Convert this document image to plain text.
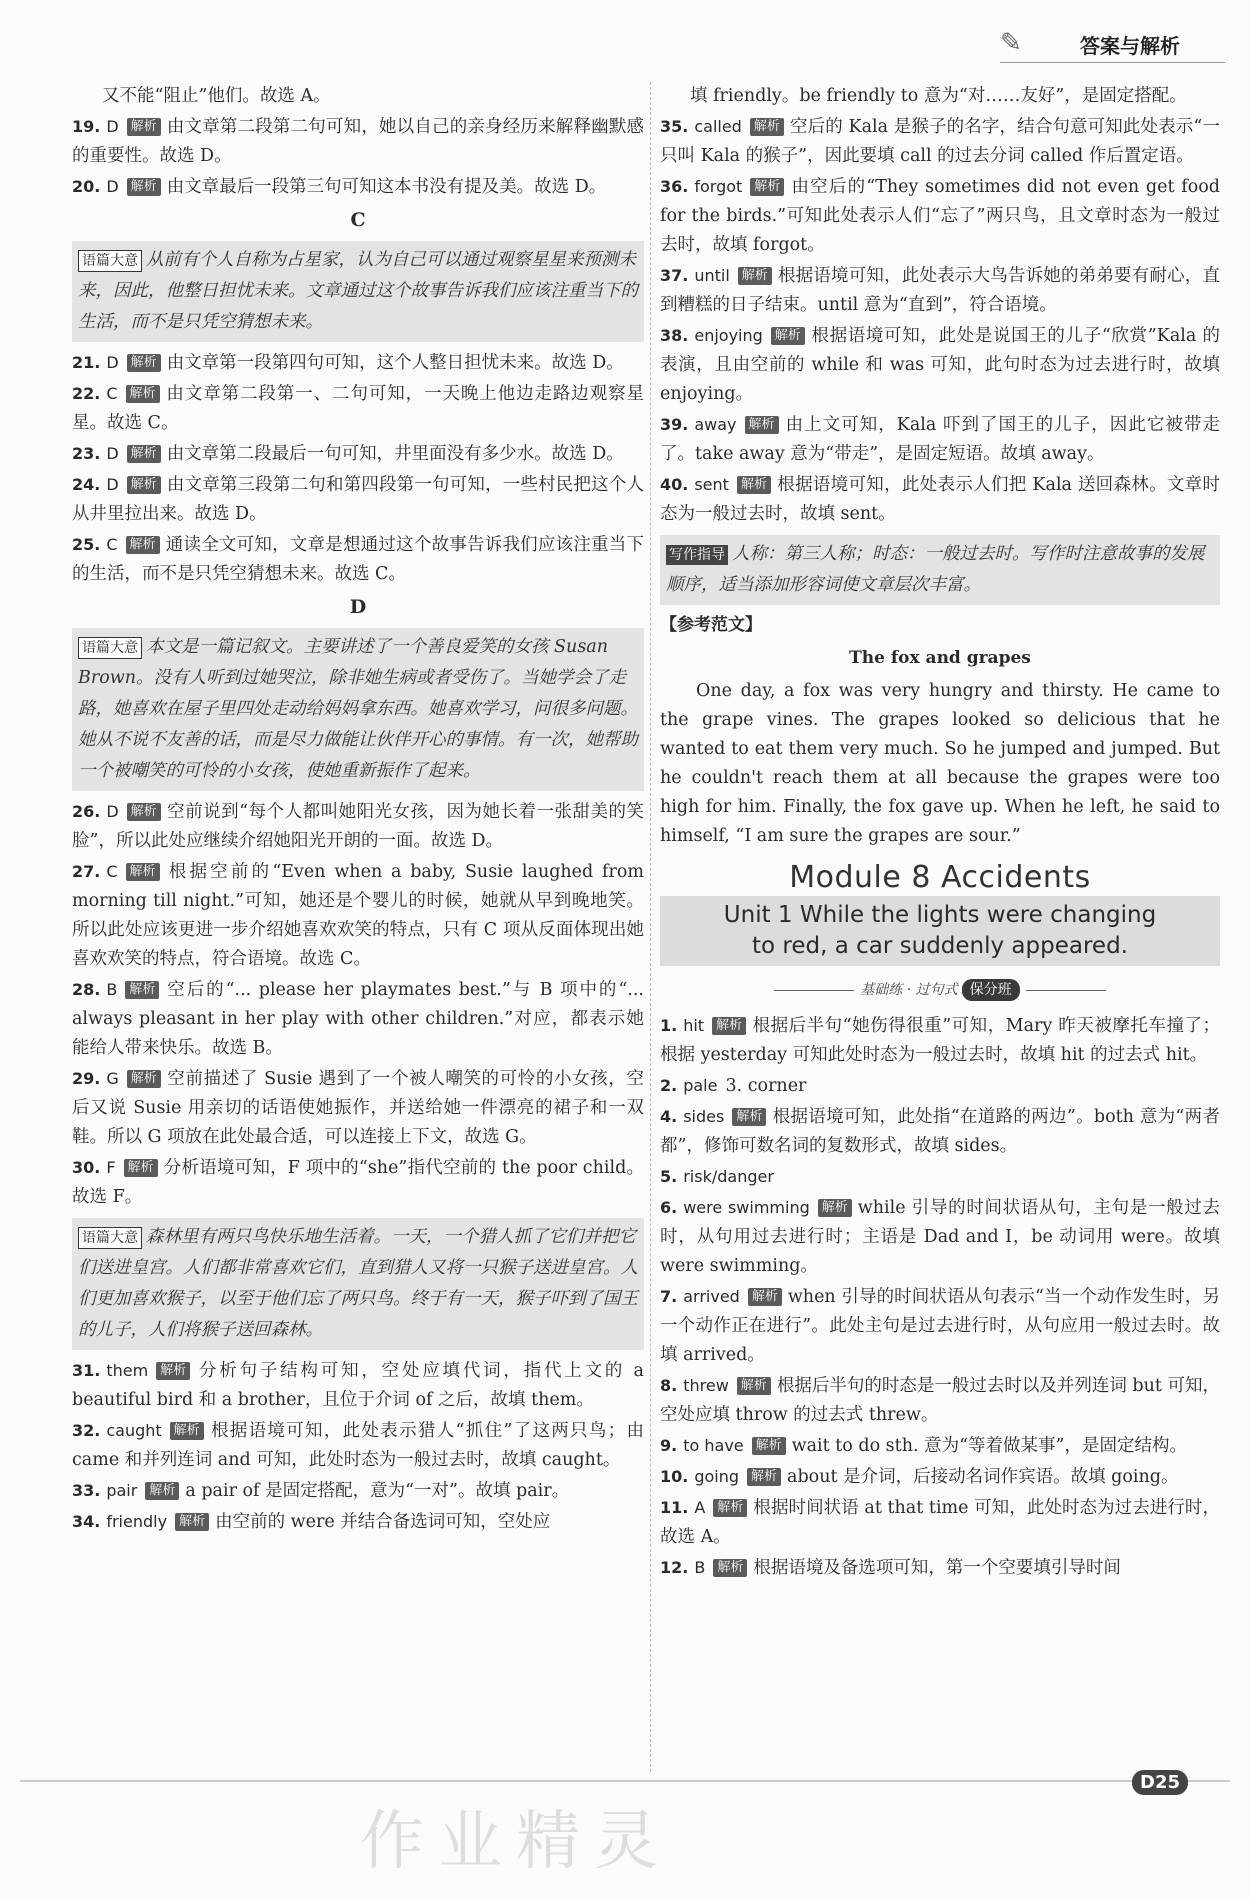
✎	答案与解析
又不能“阻止”他们。故选 A。
19. D 解析 由文章第二段第二句可知，她以自己的亲身经历来解释幽默感的重要性。故选 D。
20. D 解析 由文章最后一段第三句可知这本书没有提及美。故选 D。
C
语篇大意 从前有个人自称为占星家，认为自己可以通过观察星星来预测未来，因此，他整日担忧未来。文章通过这个故事告诉我们应该注重当下的生活，而不是只凭空猜想未来。
21. D 解析 由文章第一段第四句可知，这个人整日担忧未来。故选 D。
22. C 解析 由文章第二段第一、二句可知，一天晚上他边走路边观察星星。故选 C。
23. D 解析 由文章第二段最后一句可知，井里面没有多少水。故选 D。
24. D 解析 由文章第三段第二句和第四段第一句可知，一些村民把这个人从井里拉出来。故选 D。
25. C 解析 通读全文可知，文章是想通过这个故事告诉我们应该注重当下的生活，而不是只凭空猜想未来。故选 C。
D
语篇大意 本文是一篇记叙文。主要讲述了一个善良爱笑的女孩 Susan Brown。没有人听到过她哭泣，除非她生病或者受伤了。当她学会了走路，她喜欢在屋子里四处走动给妈妈拿东西。她喜欢学习，问很多问题。她从不说不友善的话，而是尽力做能让伙伴开心的事情。有一次，她帮助一个被嘲笑的可怜的小女孩，使她重新振作了起来。
26. D 解析 空前说到“每个人都叫她阳光女孩，因为她长着一张甜美的笑脸”，所以此处应继续介绍她阳光开朗的一面。故选 D。
27. C 解析 根据空前的“Even when a baby, Susie laughed from morning till night.”可知，她还是个婴儿的时候，她就从早到晚地笑。所以此处应该更进一步介绍她喜欢欢笑的特点，只有 C 项从反面体现出她喜欢欢笑的特点，符合语境。故选 C。
28. B 解析 空后的“... please her playmates best.”与 B 项中的“... always pleasant in her play with other children.”对应，都表示她能给人带来快乐。故选 B。
29. G 解析 空前描述了 Susie 遇到了一个被人嘲笑的可怜的小女孩，空后又说 Susie 用亲切的话语使她振作，并送给她一件漂亮的裙子和一双鞋。所以 G 项放在此处最合适，可以连接上下文，故选 G。
30. F 解析 分析语境可知，F 项中的“she”指代空前的 the poor child。故选 F。
语篇大意 森林里有两只鸟快乐地生活着。一天，一个猎人抓了它们并把它们送进皇宫。人们都非常喜欢它们，直到猎人又将一只猴子送进皇宫。人们更加喜欢猴子，以至于他们忘了两只鸟。终于有一天，猴子吓到了国王的儿子，人们将猴子送回森林。
31. them 解析 分析句子结构可知，空处应填代词，指代上文的 a beautiful bird 和 a brother，且位于介词 of 之后，故填 them。
32. caught 解析 根据语境可知，此处表示猎人“抓住”了这两只鸟；由 came 和并列连词 and 可知，此处时态为一般过去时，故填 caught。
33. pair 解析 a pair of 是固定搭配，意为“一对”。故填 pair。
34. friendly 解析 由空前的 were 并结合备选词可知，空处应
填 friendly。be friendly to 意为“对……友好”，是固定搭配。
35. called 解析 空后的 Kala 是猴子的名字，结合句意可知此处表示“一只叫 Kala 的猴子”，因此要填 call 的过去分词 called 作后置定语。
36. forgot 解析 由空后的“They sometimes did not even get food for the birds.”可知此处表示人们“忘了”两只鸟，且文章时态为一般过去时，故填 forgot。
37. until 解析 根据语境可知，此处表示大鸟告诉她的弟弟要有耐心，直到糟糕的日子结束。until 意为“直到”，符合语境。
38. enjoying 解析 根据语境可知，此处是说国王的儿子“欣赏”Kala 的表演，且由空前的 while 和 was 可知，此句时态为过去进行时，故填 enjoying。
39. away 解析 由上文可知，Kala 吓到了国王的儿子，因此它被带走了。take away 意为“带走”，是固定短语。故填 away。
40. sent 解析 根据语境可知，此处表示人们把 Kala 送回森林。文章时态为一般过去时，故填 sent。
写作指导 人称：第三人称；时态：一般过去时。写作时注意故事的发展顺序，适当添加形容词使文章层次丰富。
【参考范文】
The fox and grapes

One day, a fox was very hungry and thirsty. He came to the grape vines. The grapes looked so delicious that he wanted to eat them very much. So he jumped and jumped. But he couldn't reach them at all because the grapes were too high for him. Finally, the fox gave up. When he left, he said to himself, “I am sure the grapes are sour.”

Module 8 Accidents
Unit 1 While the lights were changing
to red, a car suddenly appeared.
基础练 · 过句式 保分班
1. hit 解析 根据后半句“她伤得很重”可知，Mary 昨天被摩托车撞了；根据 yesterday 可知此处时态为一般过去时，故填 hit 的过去式 hit。
2. pale 3. corner
4. sides 解析 根据语境可知，此处指“在道路的两边”。both 意为“两者都”，修饰可数名词的复数形式，故填 sides。
5. risk/danger
6. were swimming 解析 while 引导的时间状语从句，主句是一般过去时，从句用过去进行时；主语是 Dad and I，be 动词用 were。故填 were swimming。
7. arrived 解析 when 引导的时间状语从句表示“当一个动作发生时，另一个动作正在进行”。此处主句是过去进行时，从句应用一般过去时。故填 arrived。
8. threw 解析 根据后半句的时态是一般过去时以及并列连词 but 可知，空处应填 throw 的过去式 threw。
9. to have 解析 wait to do sth. 意为“等着做某事”，是固定结构。
10. going 解析 about 是介词，后接动名词作宾语。故填 going。
11. A 解析 根据时间状语 at that time 可知，此处时态为过去进行时，故选 A。
12. B 解析 根据语境及备选项可知，第一个空要填引导时间
D25
作业精灵
